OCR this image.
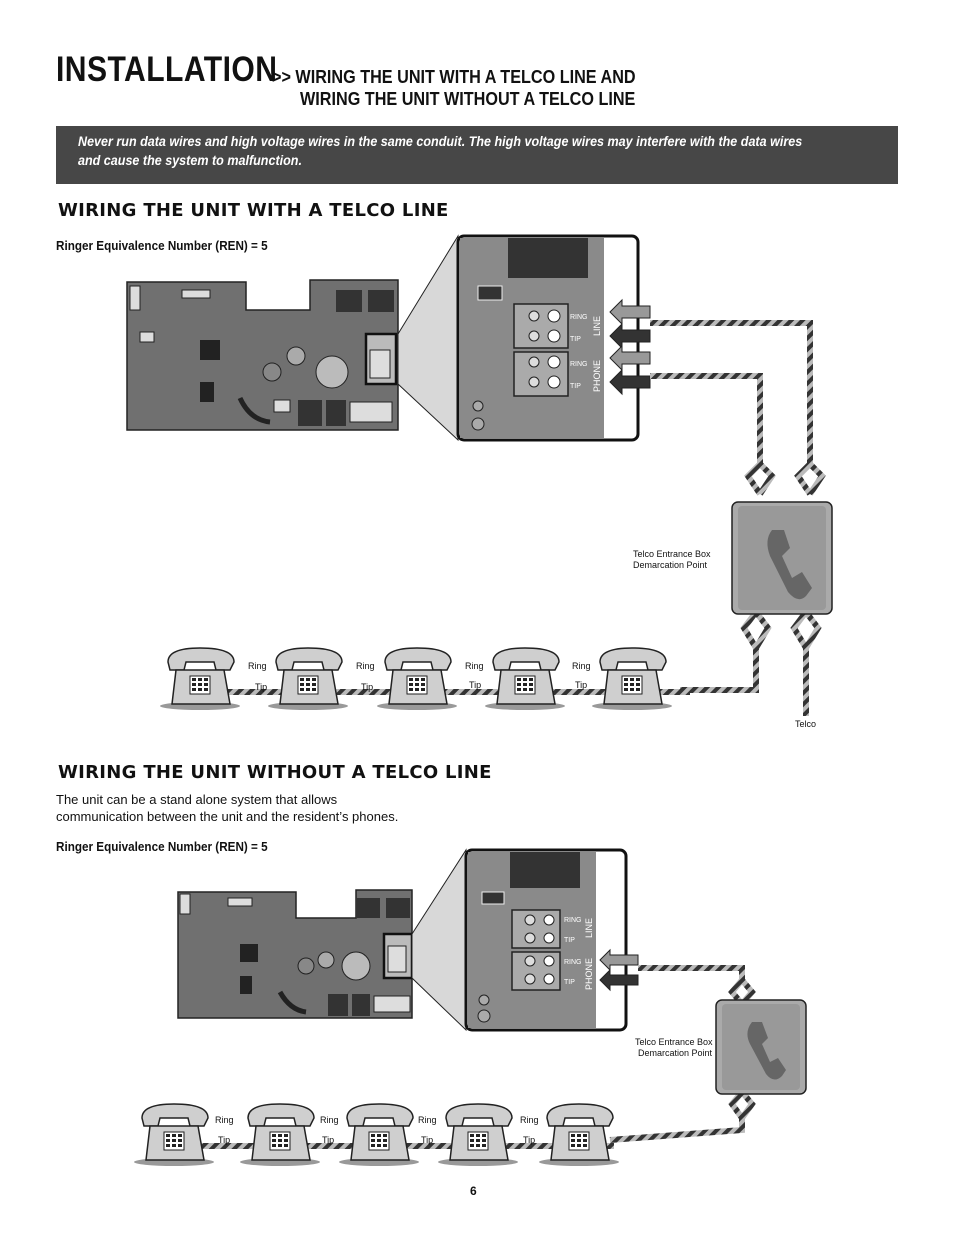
INSTALLATION
>> WIRING THE UNIT WITH A TELCO LINE AND
WIRING THE UNIT WITHOUT A TELCO LINE
Never run data wires and high voltage wires in the same conduit. The high voltage wires may interfere with the data wires
and cause the system to malfunction.
WIRING THE UNIT WITH A TELCO LINE
Ringer Equivalence Number (REN) = 5
RING
TIP
RING
TIP
LINE
PHONE
RING
TIP
RING
TIP
LINE
PHONE
Ring
Tip
Ring
Tip
Ring
Tip
Ring
Tip
Telco Entrance Box
Demarcation Point
Telco
Ring
Tip
Ring
Tip
Ring
Tip
Ring
Tip
Telco Entrance Box
Demarcation Point
WIRING THE UNIT WITHOUT A TELCO LINE
The unit can be a stand alone system that allows
communication between the unit and the resident’s phones.
Ringer Equivalence Number (REN) = 5
6
